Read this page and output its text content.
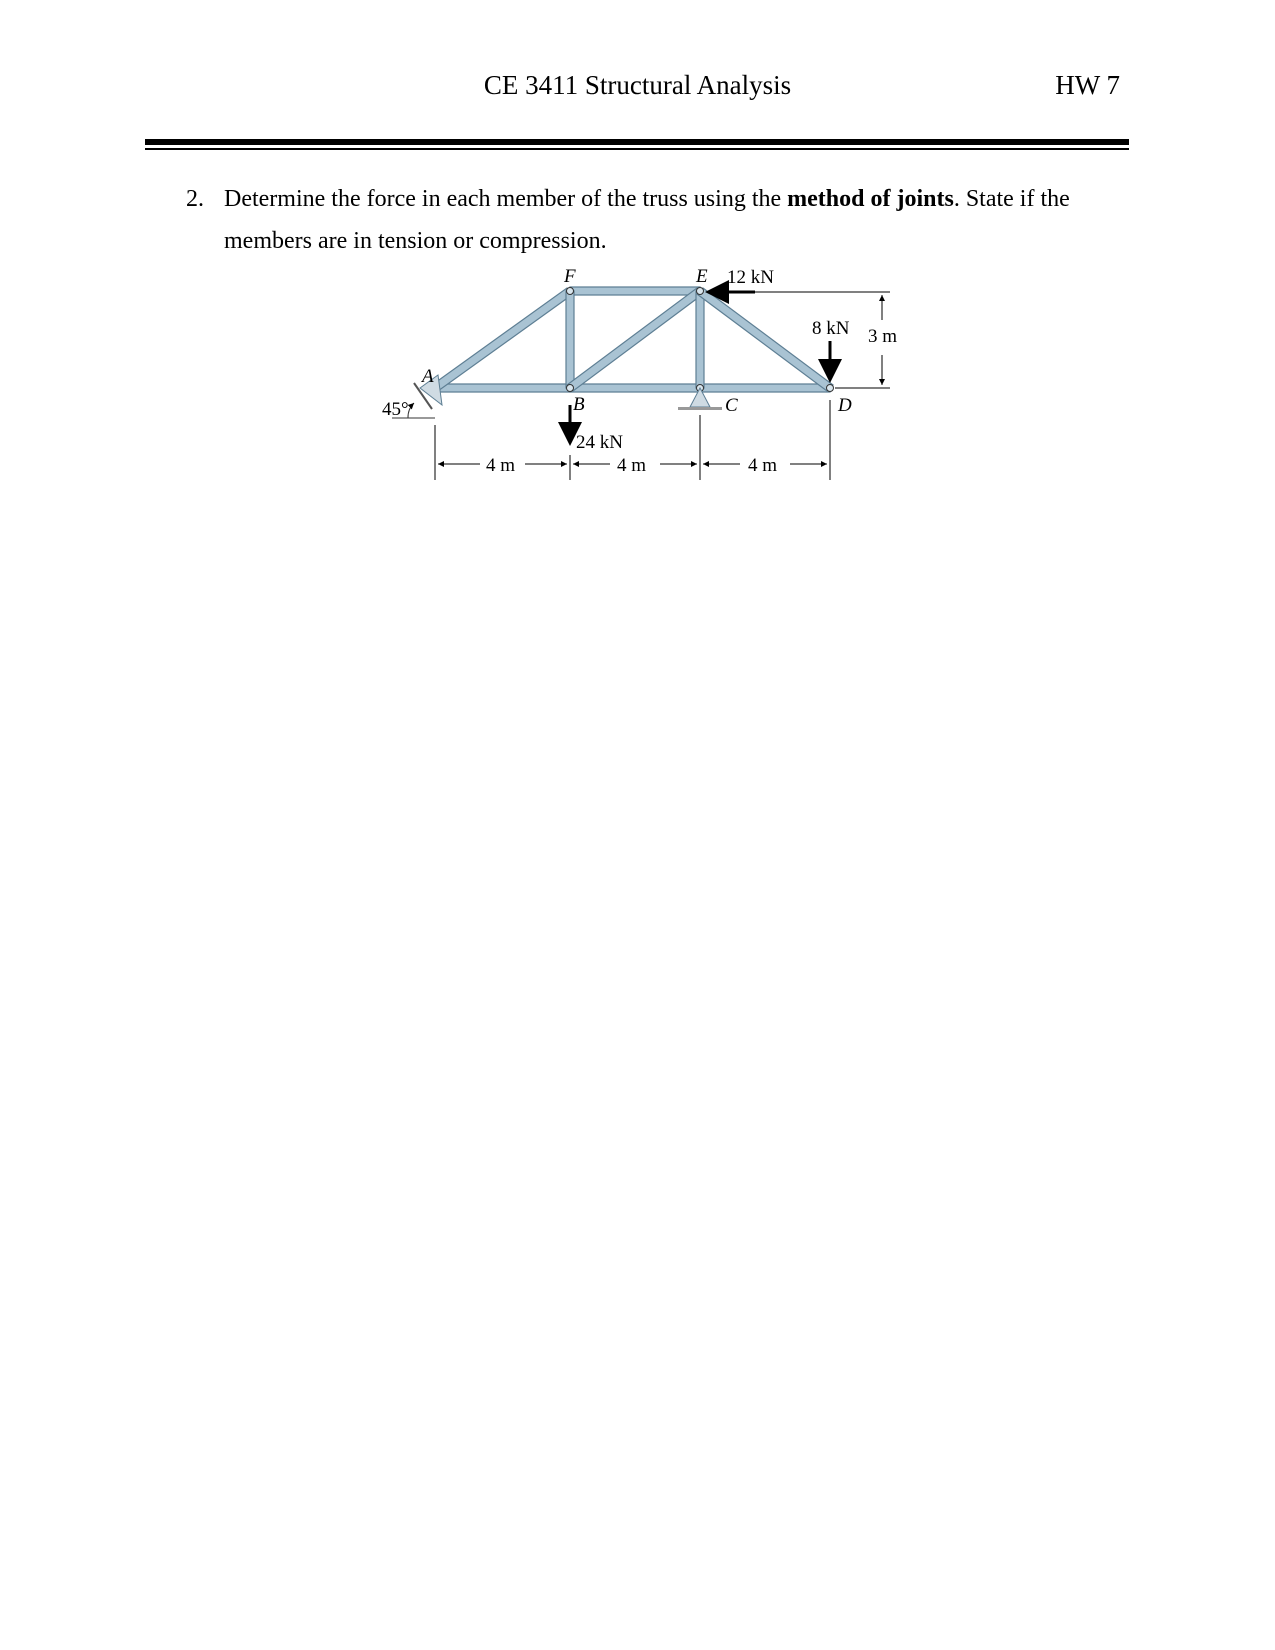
CE 3411 Structural Analysis	HW 7
2. Determine the force in each member of the truss using the method of joints. State if the
members are in tension or compression.
A
B	C	D
E
F	12 kN
8 kN
24 kN
45°
3 m
4 m	4 m	4 m
